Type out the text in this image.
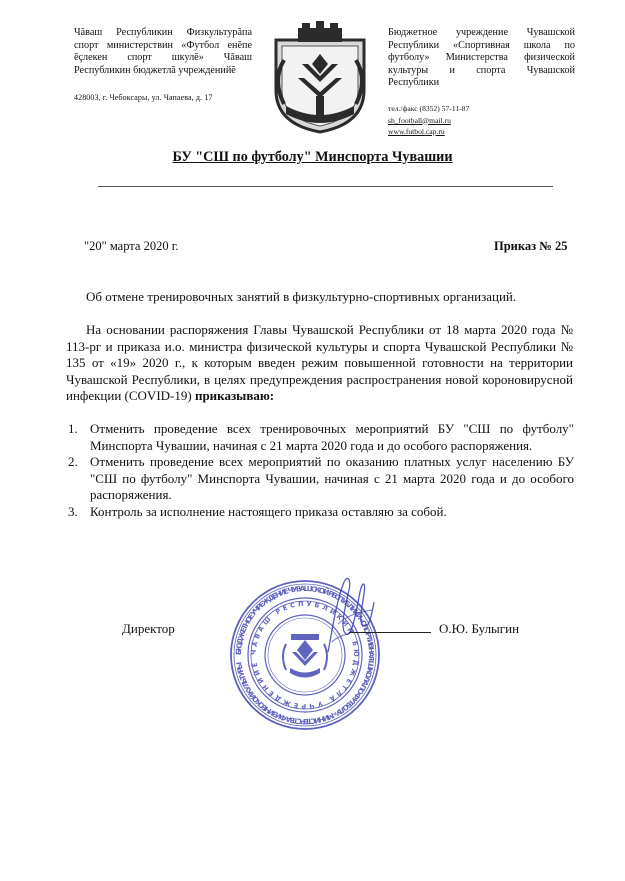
Чăваш Республикин Физкультурăпа
спорт министерствин «Футбол енĕпе
ĕçлекен спорт шкулĕ» Чăваш
Республикин бюджетлă учрежденийĕ
428003, г. Чебоксары, ул. Чапаева, д. 17
Бюджетное учреждение Чувашской
Республики «Спортивная школа по
футболу» Министерства физической
культуры и спорта Чувашской
Республики
тел./факс (8352) 57-11-87
sh_football@mail.ru
www.futbol.cap.ru
БУ "СШ по футболу" Минспорта Чувашии
"20" марта 2020 г.	Приказ № 25
Об отмене тренировочных занятий в физкультурно-спортивных организаций.
На основании распоряжения Главы Чувашской Республики от 18 марта 2020 года № 113-рг и приказа и.о. министра физической культуры и спорта Чувашской Республики № 135 от «19» 2020 г., к которым введен режим повышенной готовности на территории Чувашской Республики, в целях предупреждения распространения новой короновирусной инфекции (COVID-19) приказываю:
1. Отменить проведение всех тренировочных мероприятий БУ "СШ по футболу" Минспорта Чувашии, начиная с 21 марта 2020 года и до особого распоряжения.
2. Отменить проведение всех мероприятий по оказанию платных услуг населению БУ "СШ по футболу" Минспорта Чувашии, начиная с 21 марта 2020 года и до особого распоряжения.
3. Контроль за исполнение настоящего приказа оставляю за собой.
БЮДЖЕТНОЕ УЧРЕЖДЕНИЕ ЧУВАШСКОЙ РЕСПУБЛИКИ «СПОРТИВНАЯ ШКОЛА ПО ФУТБОЛУ» МИНИСТЕРСТВА ФИЗИЧЕСКОЙ КУЛЬТУРЫ
ЧĂВАШ РЕСПУБЛИКИН БЮДЖЕТЛĂ УЧРЕЖДЕНИЙĔ
Директор	О.Ю. Булыгин
